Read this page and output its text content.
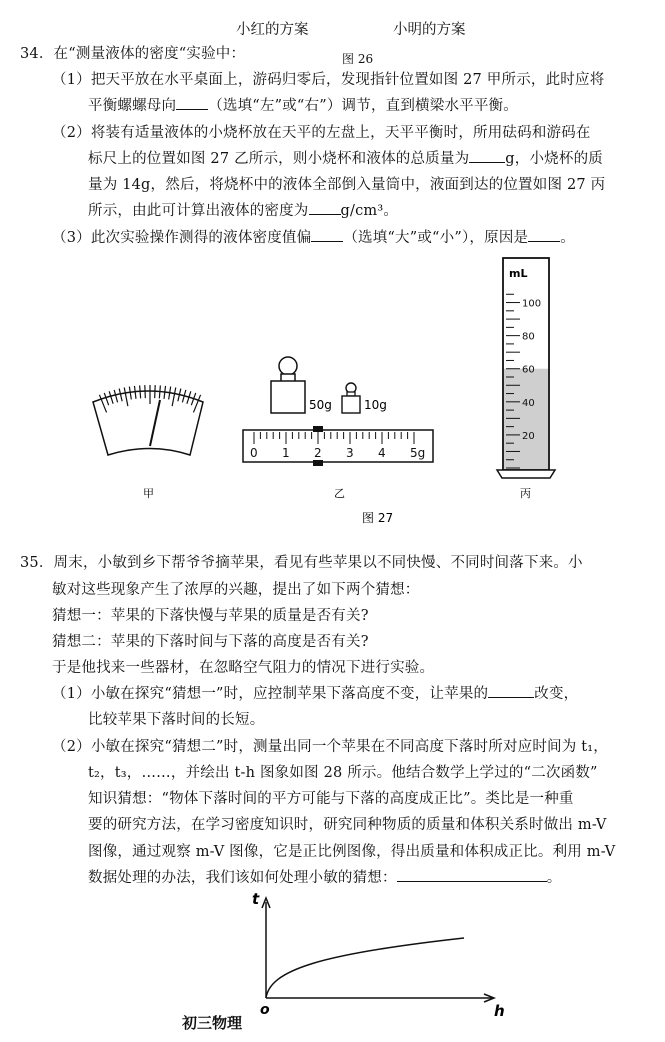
小红的方案	小明的方案
图 26
34．在“测量液体的密度“实验中：
（1）把天平放在水平桌面上，游码归零后，发现指针位置如图 27 甲所示，此时应将
平衡螺螺母向 （选填“左”或“右”）调节，直到横梁水平平衡。
（2）将装有适量液体的小烧杯放在天平的左盘上，天平平衡时，所用砝码和游码在
标尺上的位置如图 27 乙所示，则小烧杯和液体的总质量为 g，小烧杯的质
量为 14g，然后，将烧杯中的液体全部倒入量筒中，液面到达的位置如图 27 丙
所示，由此可计算出液体的密度为 g/cm³。
（3）此次实验操作测得的液体密度值偏 （选填“大”或“小”），原因是 。
甲
50g	10g
0 1 2 3 4 5g
乙
100
80
60
40
20
mL
丙
图 27
35．周末，小敏到乡下帮爷爷摘苹果，看见有些苹果以不同快慢、不同时间落下来。小
敏对这些现象产生了浓厚的兴趣，提出了如下两个猜想：
猜想一：苹果的下落快慢与苹果的质量是否有关?
猜想二：苹果的下落时间与下落的高度是否有关?
于是他找来一些器材，在忽略空气阻力的情况下进行实验。
（1）小敏在探究“猜想一”时，应控制苹果下落高度不变，让苹果的	改变，
比较苹果下落时间的长短。
（2）小敏在探究“猜想二”时，测量出同一个苹果在不同高度下落时所对应时间为 t₁，
t₂，t₃，……，并绘出 t-h 图象如图 28 所示。他结合数学上学过的“二次函数”
知识猜想：“物体下落时间的平方可能与下落的高度成正比”。类比是一种重
要的研究方法，在学习密度知识时，研究同种物质的质量和体积关系时做出 m-V
图像，通过观察 m-V 图像，它是正比例图像，得出质量和体积成正比。利用 m-V
数据处理的办法，我们该如何处理小敏的猜想：	。
t
h
o
初三物理
